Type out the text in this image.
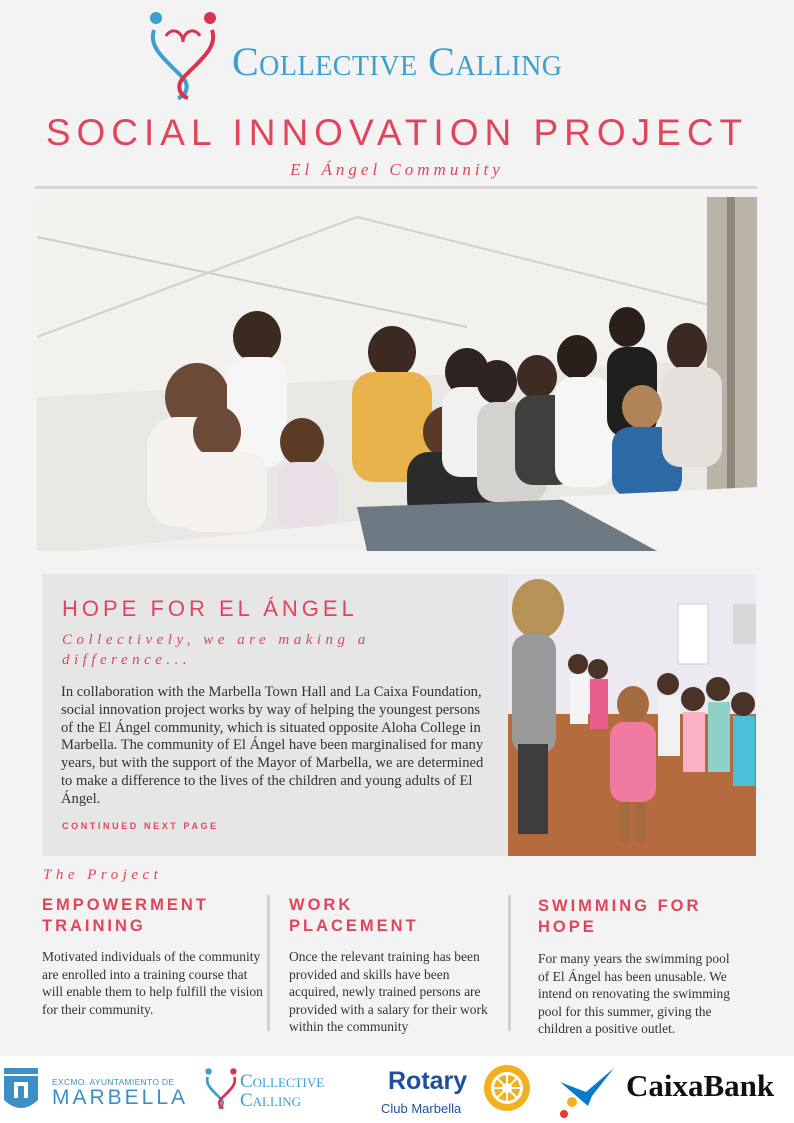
Collective Calling
SOCIAL INNOVATION PROJECT
El Ángel Community
HOPE FOR EL ÁNGEL
Collectively, we are making a difference...
In collaboration with the Marbella Town Hall and La Caixa Foundation, social innovation project works by way of helping the youngest persons of the El Ángel community, which is situated opposite Aloha College in Marbella. The community of El Ángel have been marginalised for many years, but with the support of the Mayor of Marbella, we are determined to make a difference to the lives of the children and young adults of El Ángel.
CONTINUED NEXT PAGE
The Project
EMPOWERMENT TRAINING
Motivated individuals of the community are enrolled into a training course that will enable them to help fulfill the vision for their community.
WORK PLACEMENT
Once the relevant training has been provided and skills have been acquired, newly trained persons are provided with a salary for their work within the community
SWIMMING FOR HOPE
For many years the swimming pool of El Ángel has been unusable. We intend on renovating the swimming pool for this summer, giving the children a positive outlet.
EXCMO. AYUNTAMIENTO DE
MARBELLA
Collective
Calling
Rotary
Club Marbella
CaixaBank
